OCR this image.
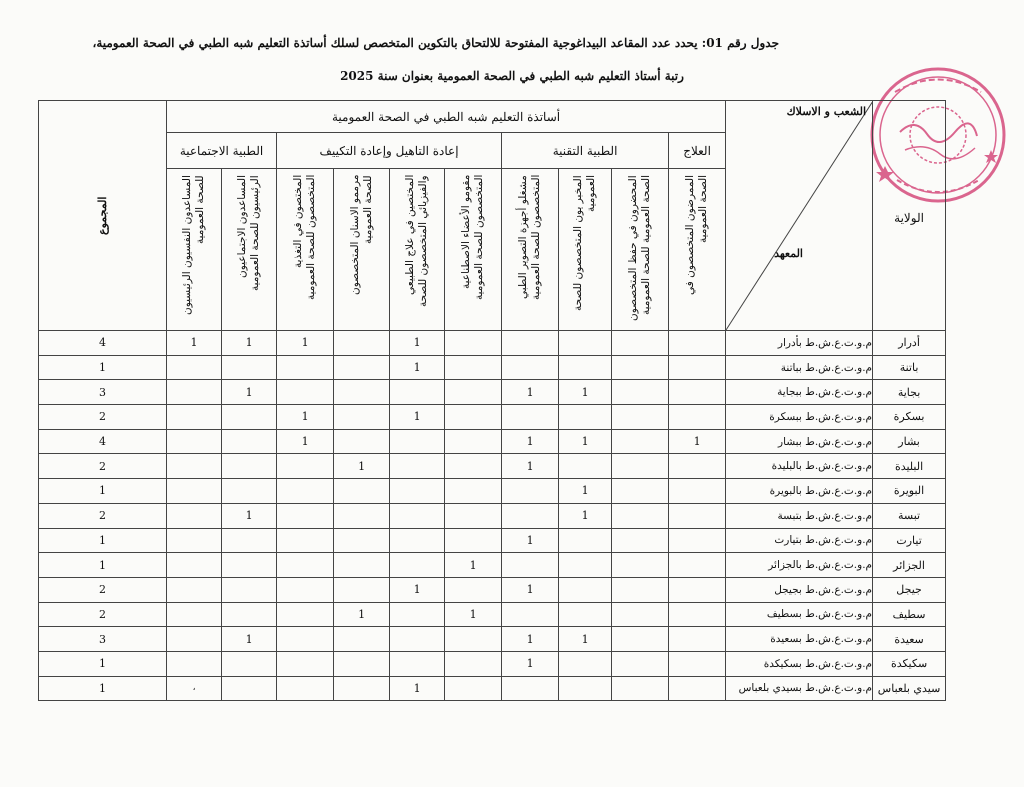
جدول رقم 01: يحدد عدد المقاعد البيداغوجية المفتوحة للالتحاق بالتكوين المتخصص لسلك أساتذة التعليم شبه الطبي في الصحة العمومية،
رتبة أستاذ التعليم شبه الطبي في الصحة العمومية بعنوان سنة 2025
الولاية	الشعب و الاسلاك
المعهد	أساتذة التعليم شبه الطبي في الصحة العمومية										المجموع

		العلاج	الطبية التقنية			إعادة التاهيل وإعادة التكييف				الطبية الاجتماعية		

		الممرضون المتخصصون في الصحة العمومية	المحضرون في حفظ المتخصصون الصحة العمومية للصحة العمومية	المخبر يون المتخصصون للصحة العمومية	مشغلو أجهزة التصوير الطبي المتخصصون للصحة العمومية	مقومو الأعضاء الاصطناعية المتخصصون للصحة العمومية	المختصين في علاج الطبيعي والفيزيائي المتخصصون للصحة	مرممو الاسنان المتخصصون للصحة العمومية	المختصون في التغذية المتخصصون للصحة العمومية	المساعدون الاجتماعيون الرئيسيون للصحة العمومية	المساعدون النفسيون الرئيسيون للصحة العمومية	

أدرار	م.و.ت.ع.ش.ط بأدرار						1		1	1	1	4
باتنة	م.و.ت.ع.ش.ط بباتنة						1					1
بجاية	م.و.ت.ع.ش.ط ببجاية			1	1					1		3
بسكرة	م.و.ت.ع.ش.ط ببسكرة						1		1			2
بشار	م.و.ت.ع.ش.ط ببشار	1		1	1				1			4
البليدة	م.و.ت.ع.ش.ط بالبليدة				1			1				2
البويرة	م.و.ت.ع.ش.ط بالبويرة			1								1
تبسة	م.و.ت.ع.ش.ط بتبسة			1						1		2
تيارت	م.و.ت.ع.ش.ط بتيارت				1							1
الجزائر	م.و.ت.ع.ش.ط بالجزائر					1						1
جيجل	م.و.ت.ع.ش.ط بجيجل				1		1					2
سطيف	م.و.ت.ع.ش.ط بسطيف					1		1				2
سعيدة	م.و.ت.ع.ش.ط بسعيدة			1	1					1		3
سكيكدة	م.و.ت.ع.ش.ط بسكيكدة				1							1
سيدي بلعباس	م.و.ت.ع.ش.ط بسيدي بلعباس						1				،	1
